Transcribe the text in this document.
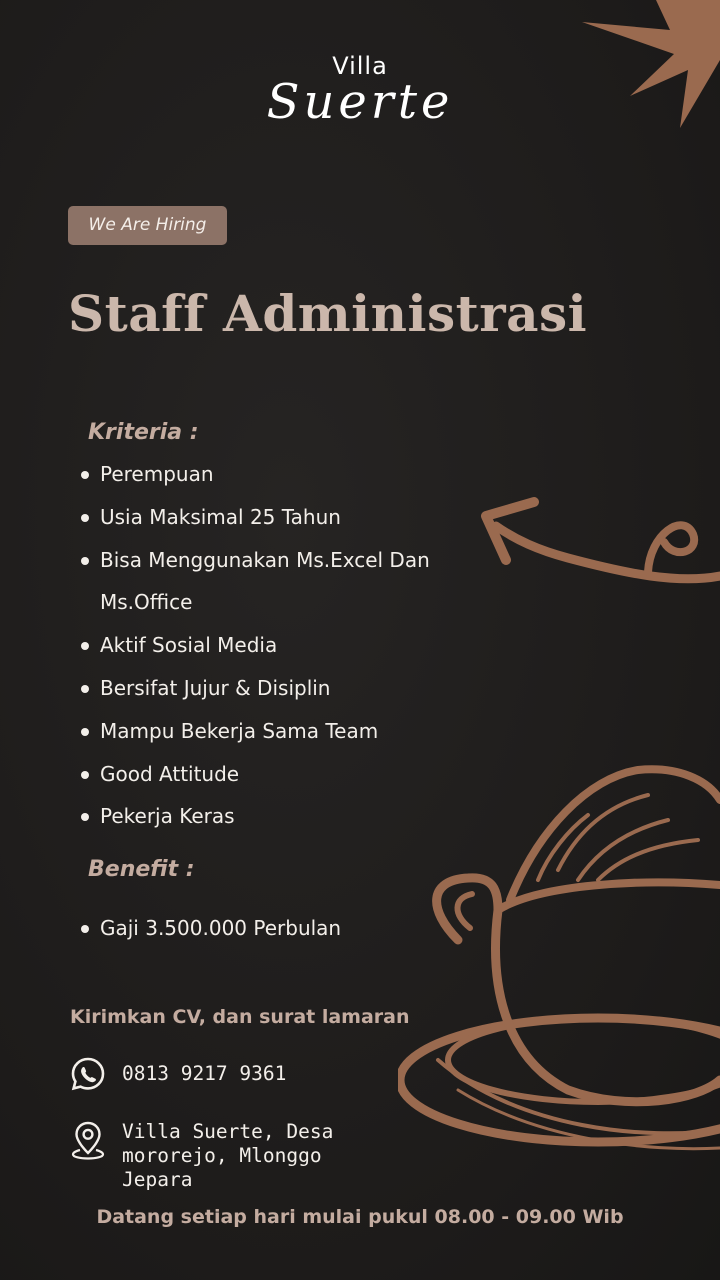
Villa
Suerte
We Are Hiring
Staff Administrasi
Kriteria :
Perempuan
Usia Maksimal 25 Tahun
Bisa Menggunakan Ms.Excel Dan Ms.Office
Aktif Sosial Media
Bersifat Jujur & Disiplin
Mampu Bekerja Sama Team
Good Attitude
Pekerja Keras
Benefit :
Gaji 3.500.000 Perbulan
Kirimkan CV, dan surat lamaran
0813 9217 9361
Villa Suerte, Desa
mororejo, Mlonggo
Jepara
Datang setiap hari mulai pukul 08.00 - 09.00 Wib
